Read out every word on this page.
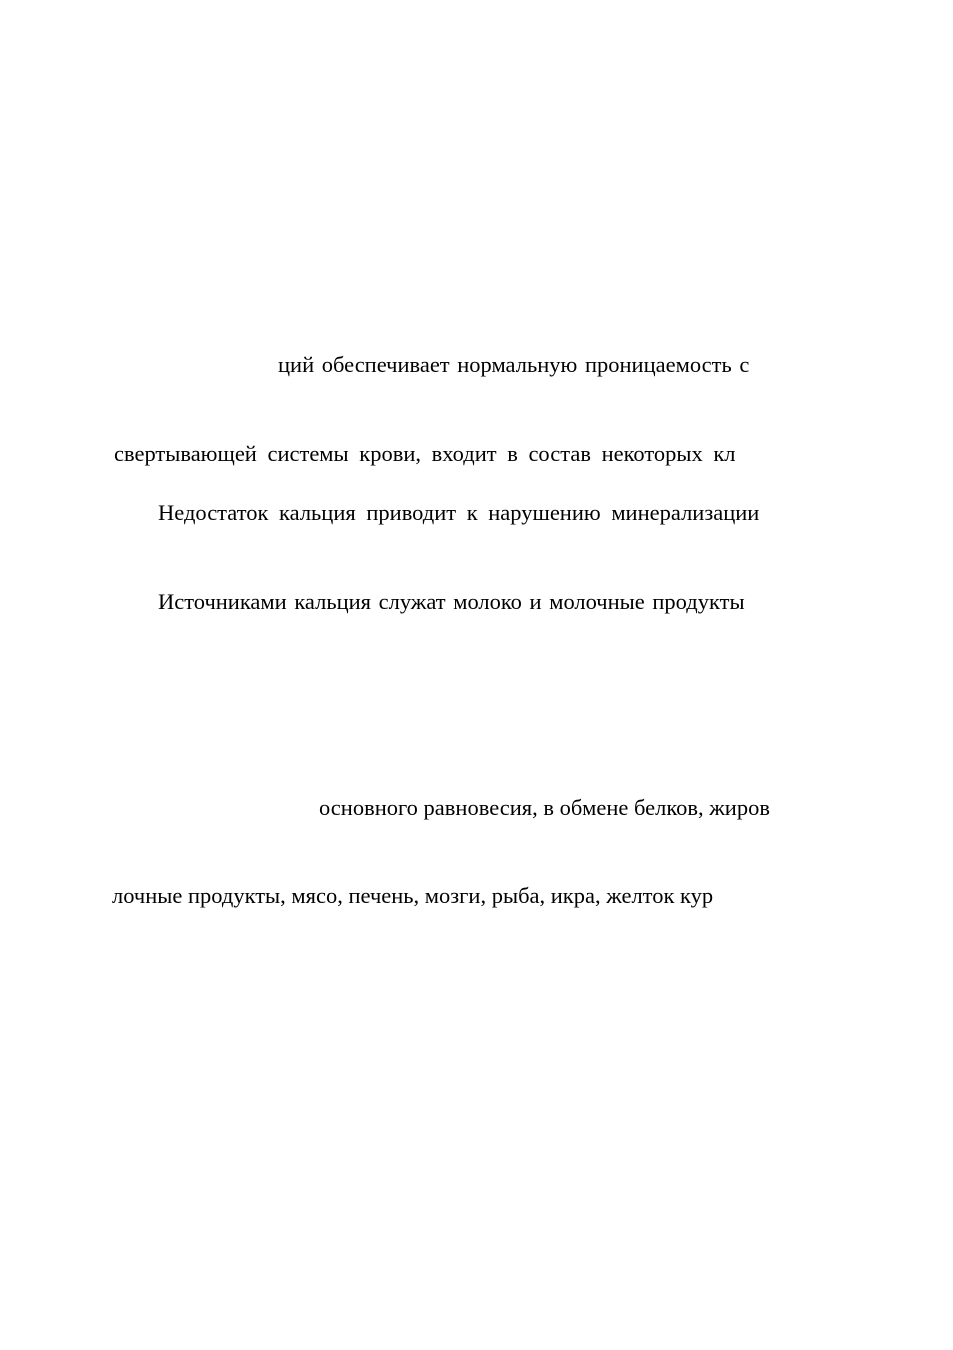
ций обеспечивает нормальную проницаемость с
свертывающей системы крови, входит в состав некоторых кл
Недостаток кальция приводит к нарушению минерализации
Источниками кальция служат молоко и молочные продукты
основного равновесия, в обмене белков, жиров
лочные продукты, мясо, печень, мозги, рыба, икра, желток кур
